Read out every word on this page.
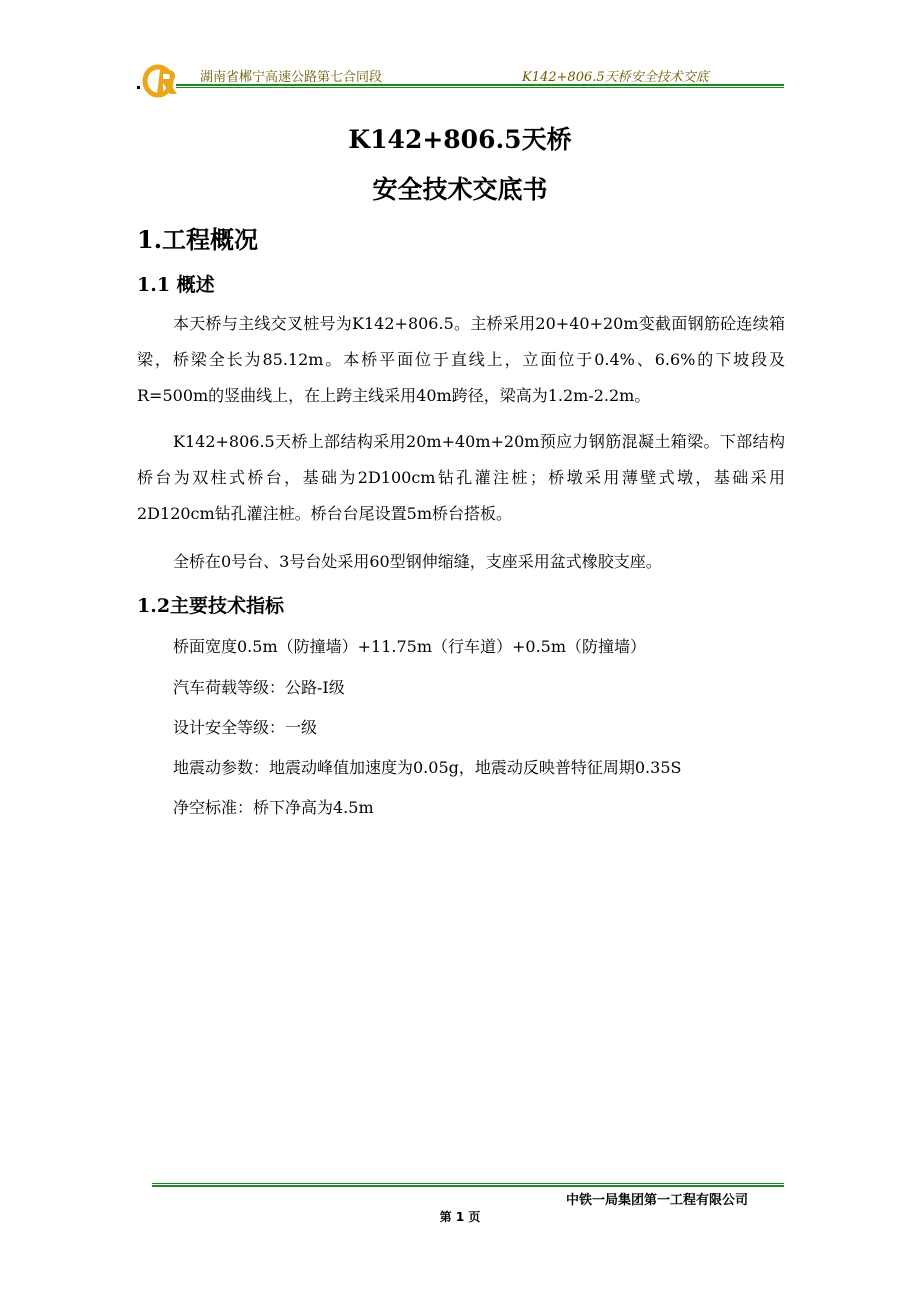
湖南省郴宁高速公路第七合同段	K142+806.5天桥安全技术交底
K142+806.5天桥
安全技术交底书
1.工程概况
1.1 概述

本天桥与主线交叉桩号为K142+806.5。主桥采用20+40+20m变截面钢筋砼连续箱梁，桥梁全长为85.12m。本桥平面位于直线上，立面位于0.4%、6.6%的下坡段及R=500m的竖曲线上，在上跨主线采用40m跨径，梁高为1.2m-2.2m。

K142+806.5天桥上部结构采用20m+40m+20m预应力钢筋混凝土箱梁。下部结构桥台为双柱式桥台，基础为2D100cm钻孔灌注桩；桥墩采用薄壁式墩，基础采用2D120cm钻孔灌注桩。桥台台尾设置5m桥台搭板。

全桥在0号台、3号台处采用60型钢伸缩缝，支座采用盆式橡胶支座。

1.2主要技术指标
桥面宽度0.5m（防撞墙）+11.75m（行车道）+0.5m（防撞墙）
汽车荷载等级：公路-Ⅰ级
设计安全等级：一级
地震动参数：地震动峰值加速度为0.05g，地震动反映普特征周期0.35S
净空标准：桥下净高为4.5m
中铁一局集团第一工程有限公司
第 1 页
